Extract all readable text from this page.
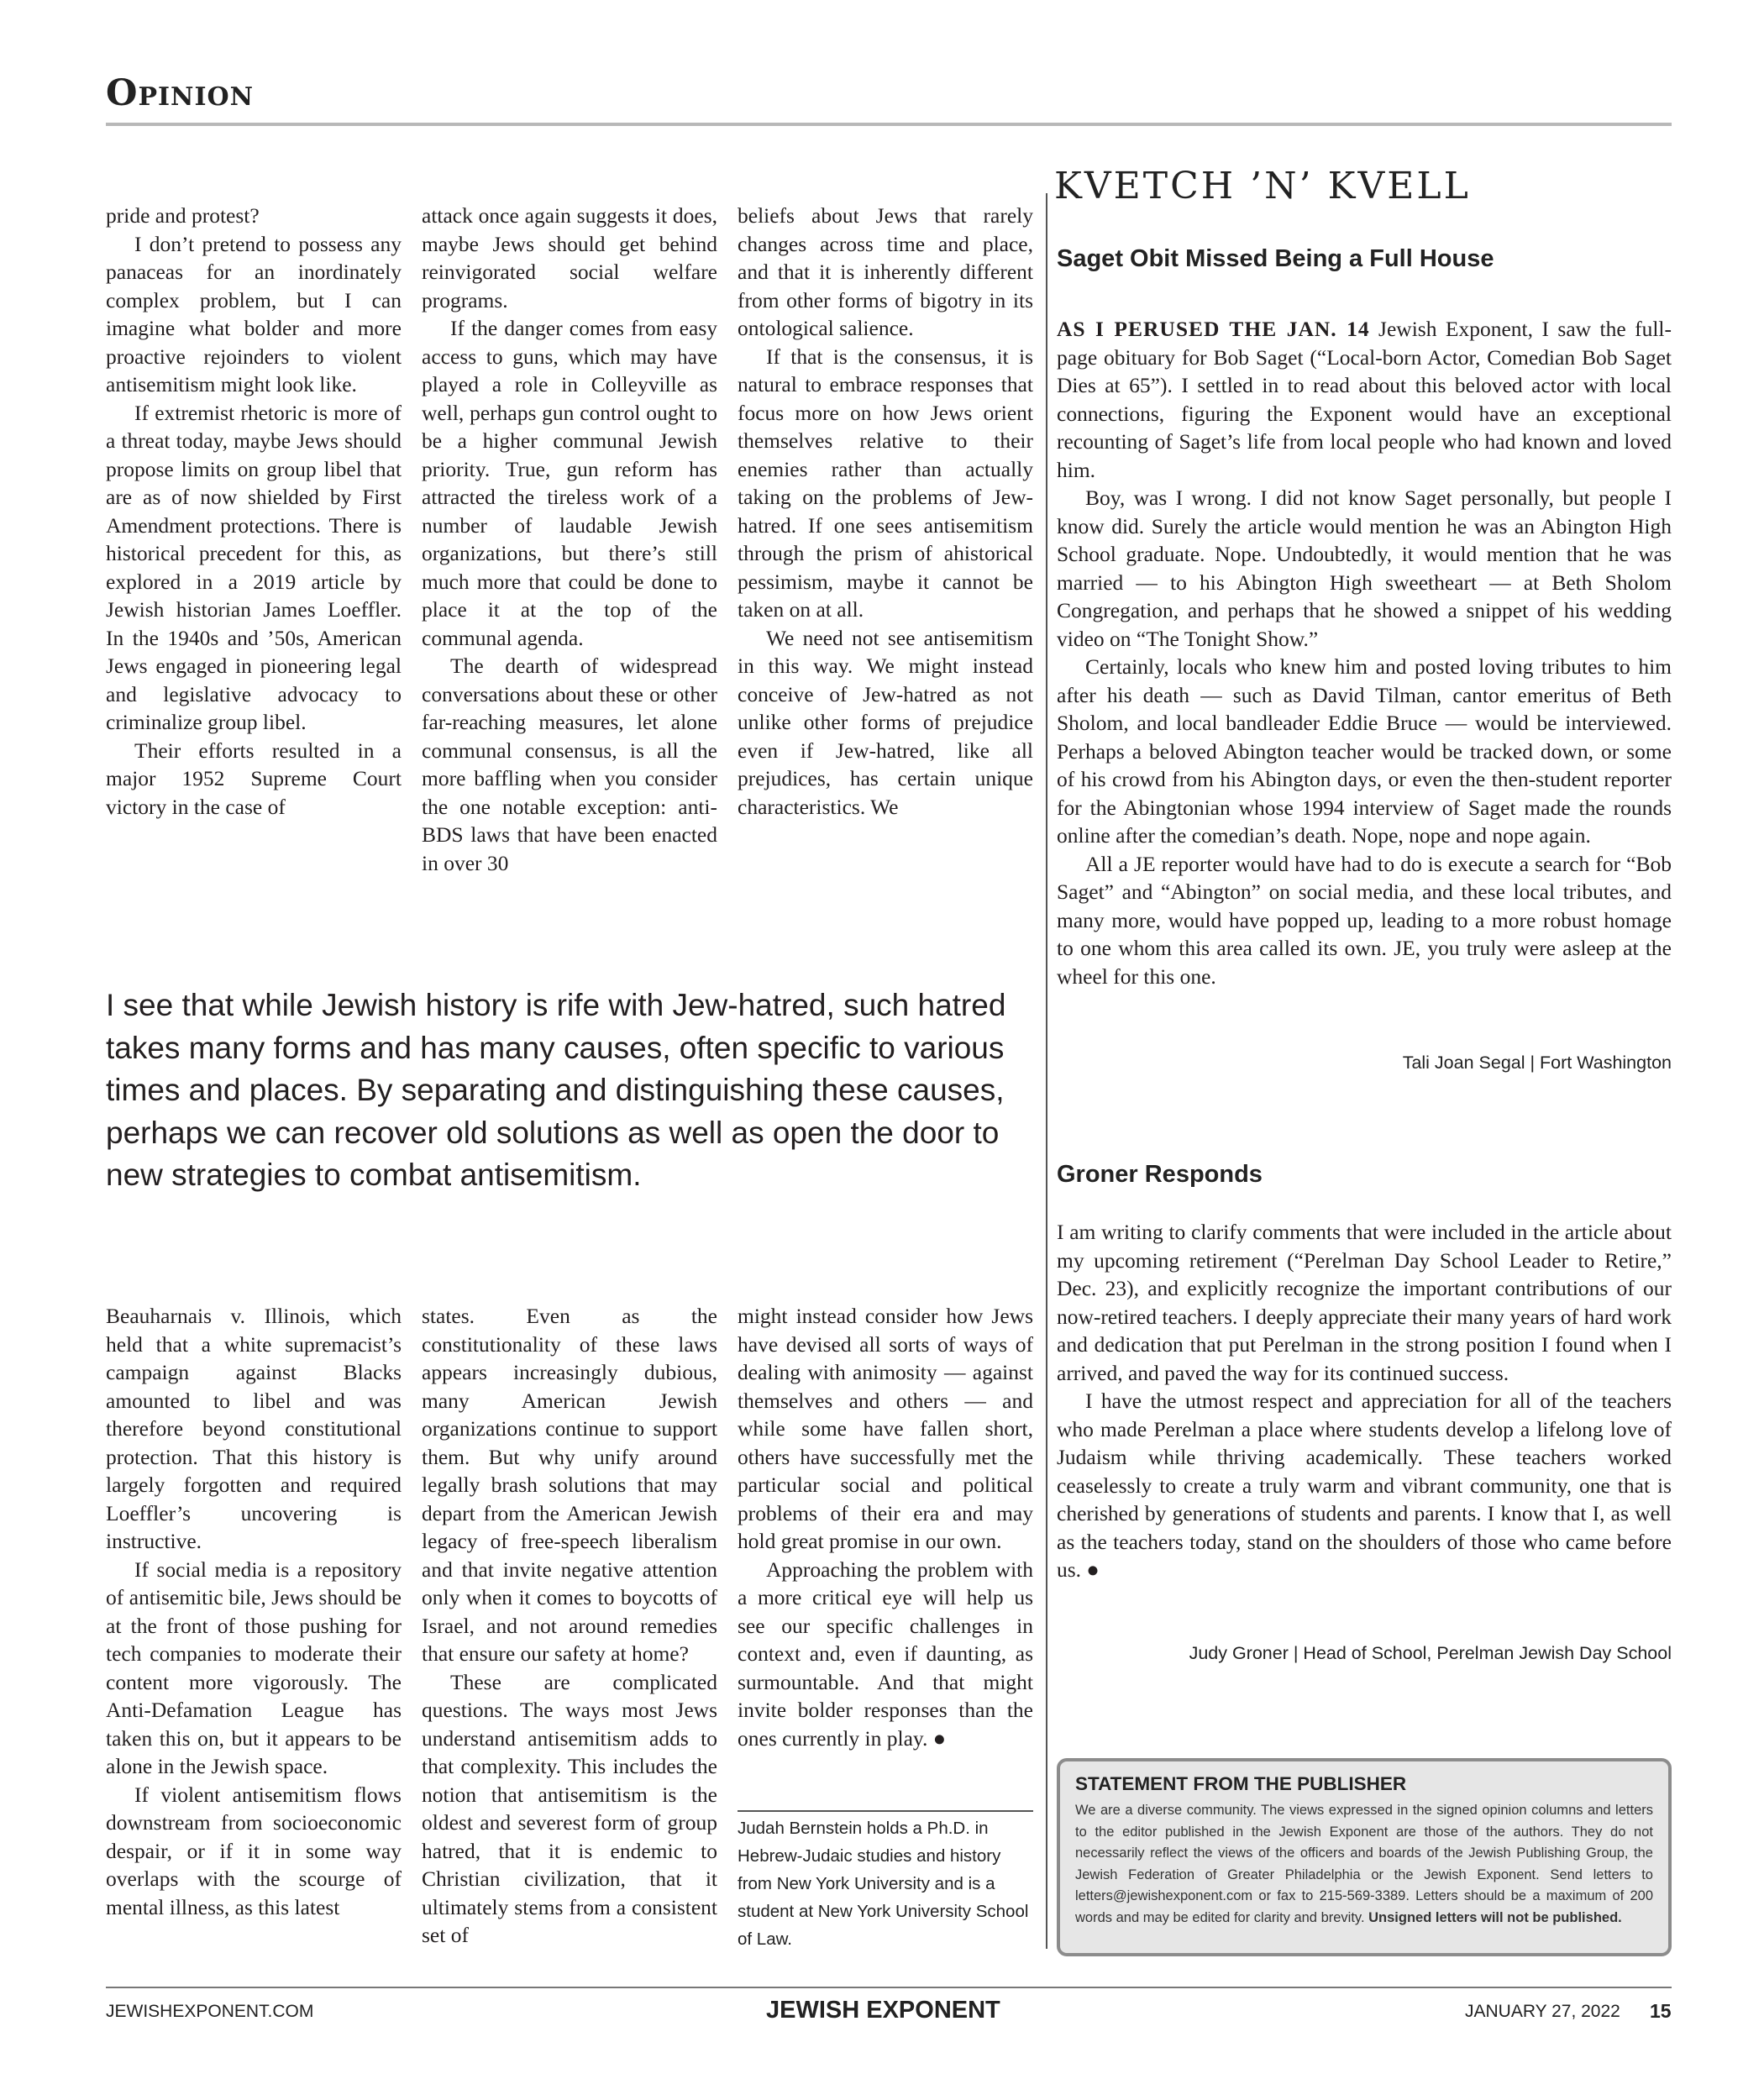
Opinion

pride and protest?

I don’t pretend to possess any panaceas for an inordinately complex problem, but I can imagine what bolder and more proactive rejoinders to violent antisemitism might look like.

If extremist rhetoric is more of a threat today, maybe Jews should propose limits on group libel that are as of now shielded by First Amendment protections. There is historical precedent for this, as explored in a 2019 article by Jewish historian James Loeffler. In the 1940s and ’50s, American Jews engaged in pioneering legal and legislative advocacy to criminalize group libel.

Their efforts resulted in a major 1952 Supreme Court victory in the case of

attack once again suggests it does, maybe Jews should get behind reinvigorated social welfare programs.

If the danger comes from easy access to guns, which may have played a role in Colleyville as well, perhaps gun control ought to be a higher communal Jewish priority. True, gun reform has attracted the tireless work of a number of laudable Jewish organizations, but there’s still much more that could be done to place it at the top of the communal agenda.

The dearth of widespread conversations about these or other far-reaching measures, let alone communal consensus, is all the more baffling when you consider the one notable exception: anti-BDS laws that have been enacted in over 30

beliefs about Jews that rarely changes across time and place, and that it is inherently different from other forms of bigotry in its ontological salience.

If that is the consensus, it is natural to embrace responses that focus more on how Jews orient themselves relative to their enemies rather than actually taking on the problems of Jew-hatred. If one sees antisemitism through the prism of ahistorical pessimism, maybe it cannot be taken on at all.

We need not see antisemitism in this way. We might instead conceive of Jew-hatred as not unlike other forms of prejudice even if Jew-hatred, like all prejudices, has certain unique characteristics. We

I see that while Jewish history is rife with Jew-hatred, such hatred takes many forms and has many causes, often specific to various times and places. By separating and distinguishing these causes, perhaps we can recover old solutions as well as open the door to new strategies to combat antisemitism.

Beauharnais v. Illinois, which held that a white supremacist’s campaign against Blacks amounted to libel and was therefore beyond constitutional protection. That this history is largely forgotten and required Loeffler’s uncovering is instructive.

If social media is a repository of antisemitic bile, Jews should be at the front of those pushing for tech companies to moderate their content more vigorously. The Anti-Defamation League has taken this on, but it appears to be alone in the Jewish space.

If violent antisemitism flows downstream from socioeconomic despair, or if it in some way overlaps with the scourge of mental illness, as this latest

states. Even as the constitutionality of these laws appears increasingly dubious, many American Jewish organizations continue to support them. But why unify around legally brash solutions that may depart from the American Jewish legacy of free-speech liberalism and that invite negative attention only when it comes to boycotts of Israel, and not around remedies that ensure our safety at home?

These are complicated questions. The ways most Jews understand antisemitism adds to that complexity. This includes the notion that antisemitism is the oldest and severest form of group hatred, that it is endemic to Christian civilization, that it ultimately stems from a consistent set of

might instead consider how Jews have devised all sorts of ways of dealing with animosity — against themselves and others — and while some have fallen short, others have successfully met the particular social and political problems of their era and may hold great promise in our own.

Approaching the problem with a more critical eye will help us see our specific challenges in context and, even if daunting, as surmountable. And that might invite bolder responses than the ones currently in play. ●

Judah Bernstein holds a Ph.D. in Hebrew-Judaic studies and history from New York University and is a student at New York University School of Law.
KVETCH ’N’ KVELL
Saget Obit Missed Being a Full House

AS I PERUSED THE JAN. 14 Jewish Exponent, I saw the full-page obituary for Bob Saget (“Local-born Actor, Comedian Bob Saget Dies at 65”). I settled in to read about this beloved actor with local connections, figuring the Exponent would have an exceptional recounting of Saget’s life from local people who had known and loved him.

Boy, was I wrong. I did not know Saget personally, but people I know did. Surely the article would mention he was an Abington High School graduate. Nope. Undoubtedly, it would mention that he was married — to his Abington High sweetheart — at Beth Sholom Congregation, and perhaps that he showed a snippet of his wedding video on “The Tonight Show.”

Certainly, locals who knew him and posted loving tributes to him after his death — such as David Tilman, cantor emeritus of Beth Sholom, and local bandleader Eddie Bruce — would be interviewed. Perhaps a beloved Abington teacher would be tracked down, or some of his crowd from his Abington days, or even the then-student reporter for the Abingtonian whose 1994 interview of Saget made the rounds online after the comedian’s death. Nope, nope and nope again.

All a JE reporter would have had to do is execute a search for “Bob Saget” and “Abington” on social media, and these local tributes, and many more, would have popped up, leading to a more robust homage to one whom this area called its own. JE, you truly were asleep at the wheel for this one.

Tali Joan Segal | Fort Washington
Groner Responds

I am writing to clarify comments that were included in the article about my upcoming retirement (“Perelman Day School Leader to Retire,” Dec. 23), and explicitly recognize the important contributions of our now-retired teachers. I deeply appreciate their many years of hard work and dedication that put Perelman in the strong position I found when I arrived, and paved the way for its continued success.

I have the utmost respect and appreciation for all of the teachers who made Perelman a place where students develop a lifelong love of Judaism while thriving academically. These teachers worked ceaselessly to create a truly warm and vibrant community, one that is cherished by generations of students and parents. I know that I, as well as the teachers today, stand on the shoulders of those who came before us. ●

Judy Groner | Head of School, Perelman Jewish Day School
STATEMENT FROM THE PUBLISHER
We are a diverse community. The views expressed in the signed opinion columns and letters to the editor published in the Jewish Exponent are those of the authors. They do not necessarily reflect the views of the officers and boards of the Jewish Publishing Group, the Jewish Federation of Greater Philadelphia or the Jewish Exponent. Send letters to letters@jewishexponent.com or fax to 215-569-3389. Letters should be a maximum of 200 words and may be edited for clarity and brevity. Unsigned letters will not be published.
JEWISHEXPONENT.COM	JEWISH EXPONENT	JANUARY 27, 2022 15
